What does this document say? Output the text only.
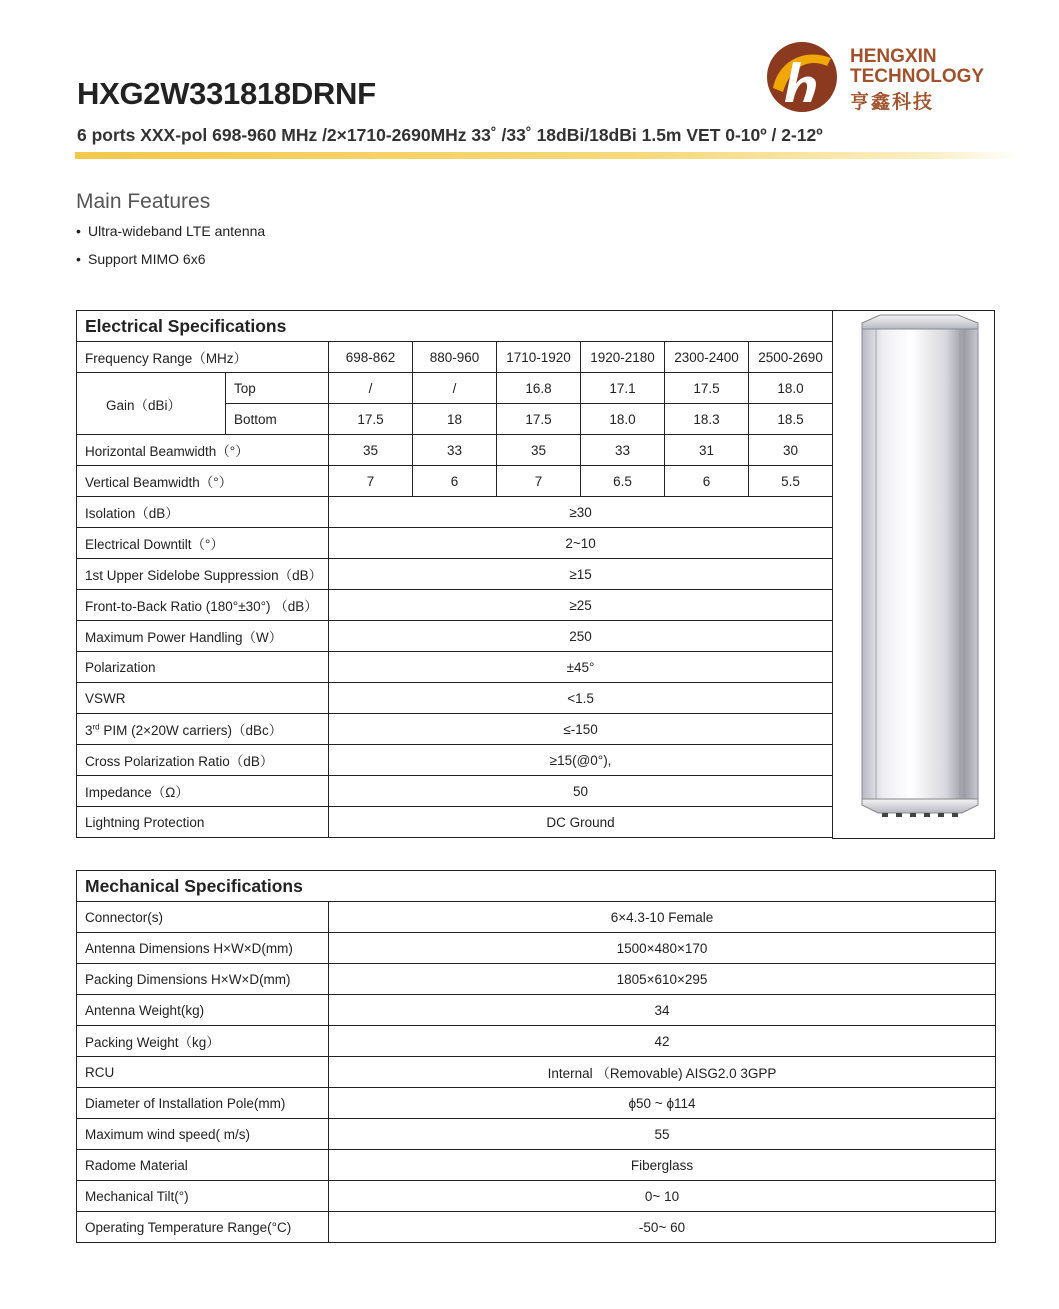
HXG2W331818DRNF
6 ports XXX-pol 698-960 MHz /2×1710-2690MHz 33˚ /33˚ 18dBi/18dBi 1.5m VET 0-10º / 2-12º
HENGXIN
TECHNOLOGY
亨鑫科技
Main Features
• Ultra-wideband LTE antenna
• Support MIMO 6x6
Electrical Specifications							
Frequency Range（MHz）		698-862	880-960	1710-1920	1920-2180	2300-2400	2500-2690
Gain（dBi）	Top	/	/	16.8	17.1	17.5	18.0
	Bottom	17.5	18	17.5	18.0	18.3	18.5
Horizontal Beamwidth（°）		35	33	35	33	31	30
Vertical Beamwidth（°）		7	6	7	6.5	6	5.5
Isolation（dB）		≥30					
Electrical Downtilt（°）		2~10					
1st Upper Sidelobe Suppression（dB）		≥15					
Front-to-Back Ratio (180°±30°) （dB）		≥25					
Maximum Power Handling（W）		250					
Polarization		±45°					
VSWR		<1.5					
3rd PIM (2×20W carriers)（dBc）		≤-150					
Cross Polarization Ratio（dB）		≥15(@0°),					
Impedance（Ω）		50					
Lightning Protection		DC Ground					
Mechanical Specifications	
Connector(s)	6×4.3-10 Female
Antenna Dimensions H×W×D(mm)	1500×480×170
Packing Dimensions H×W×D(mm)	1805×610×295
Antenna Weight(kg)	34
Packing Weight（kg）	42
RCU	Internal （Removable) AISG2.0 3GPP
Diameter of Installation Pole(mm)	ϕ50 ~ ϕ114
Maximum wind speed( m/s)	55
Radome Material	Fiberglass
Mechanical Tilt(°)	0~ 10
Operating Temperature Range(°C)	-50~ 60
